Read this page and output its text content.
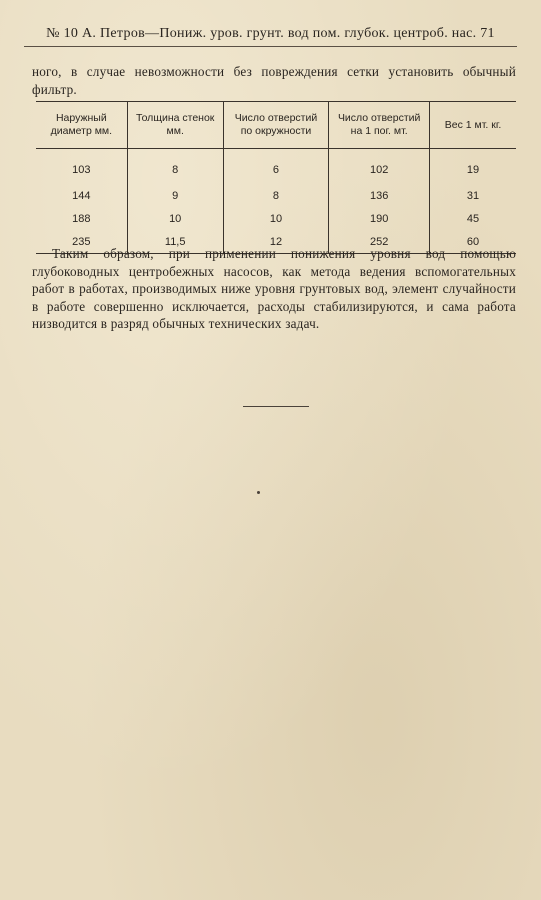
№ 10 А. Петров—Пониж. уров. грунт. вод пом. глубок. центроб. нас. 71
ного, в случае невозможности без повреждения сетки установить обычный фильтр.
Наружный диаметр мм.	Толщина стенок мм.	Число отверстий по окружности	Число отверстий на 1 пог. мт.	Вес 1 мт. кг.
103	8	6	102	19
144	9	8	136	31
188	10	10	190	45
235	11,5	12	252	60
Таким образом, при применении понижения уровня вод помощью глубоководных центробежных насосов, как метода ведения вспомогательных работ в работах, производимых ниже уровня грунтовых вод, элемент случайности в работе совершенно исключается, расходы стабилизируются, и сама работа низводится в разряд обычных технических задач.
